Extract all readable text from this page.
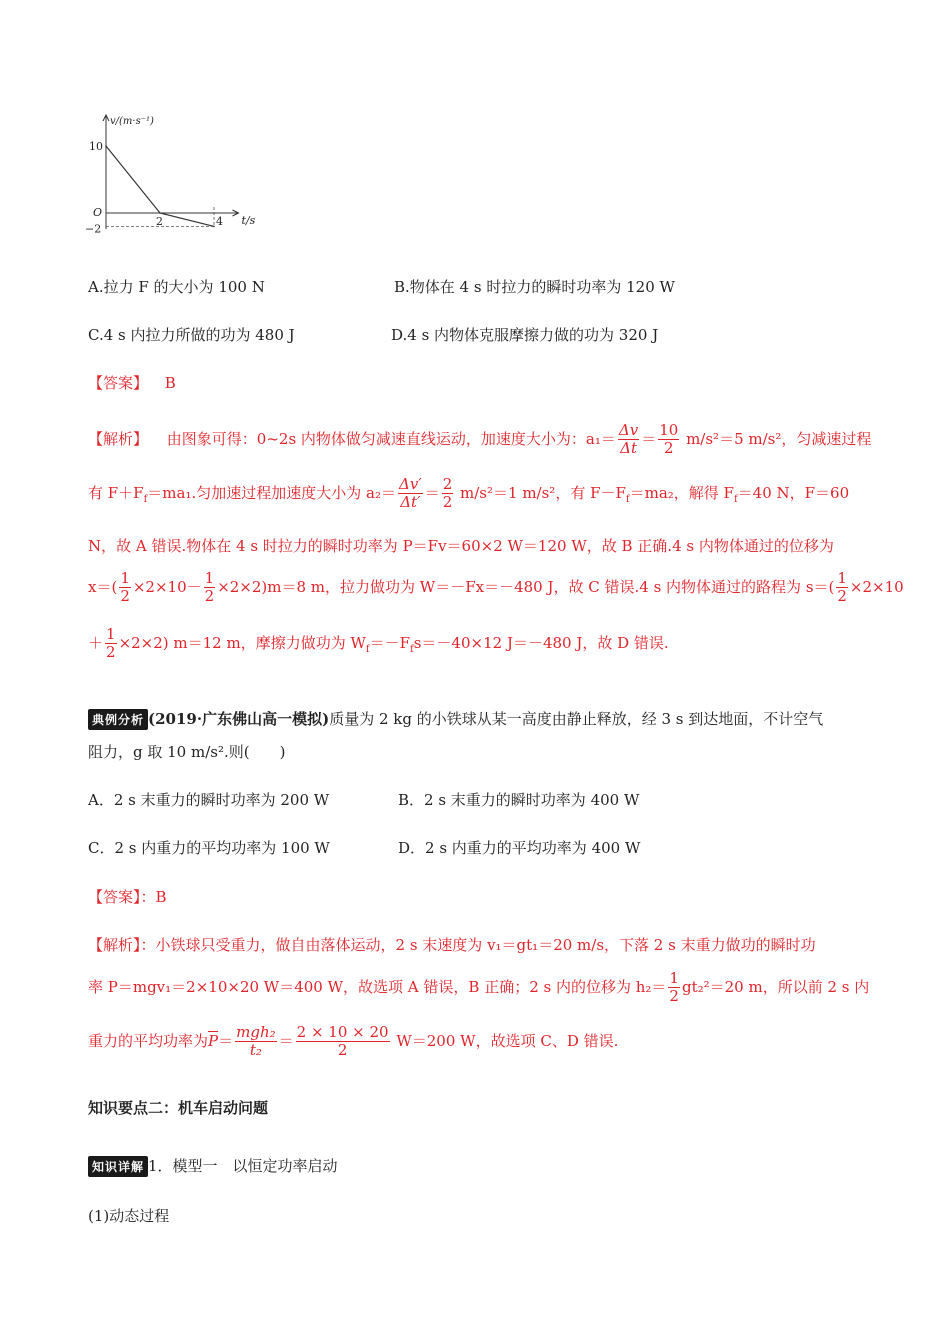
v/(m·s⁻¹)
t/s
O
10
−2
2	4
A.拉力 F 的大小为 100 N	B.物体在 4 s 时拉力的瞬时功率为 120 W
C.4 s 内拉力所做的功为 480 J	D.4 s 内物体克服摩擦力做的功为 320 J
【答案】 B
【解析】 由图象可得：0~2s 内物体做匀减速直线运动，加速度大小为：$a_1= \frac{\Delta v}{\Delta t} = \frac{10}{2} m/s^2=5$ m/s²，匀减速过程
有 $F+F_f=ma_1$.匀加速过程加速度大小为 $a_2= \frac{\Delta v'}{\Delta t'} = \frac{2}{2} m/s^2=1$ m/s²，有 $F-F_f=ma_2$，解得 $F_f=40$ N，F＝60
N，故 A 错误.物体在 4 s 时拉力的瞬时功率为 P＝Fv＝60×2 W＝120 W，故 B 正确.4 s 内物体通过的位移为
$x=( \frac{1}{2} \times 2\times 10- \frac{1}{2} \times 2\times 2)m=8$ m，拉力做功为 W＝－Fx＝－480 J，故 C 错误.4 s 内物体通过的路程为 $s=( \frac{1}{2} \times 2\times 10$
＋ $\frac{1}{2} \times 2\times 2$) m＝12 m，摩擦力做功为 $W_f=-F_fs=-40\times 12$ J＝－480 J，故 D 错误.
典例分析 (2019·广东佛山高一模拟)质量为 2 kg 的小铁球从某一高度由静止释放，经 3 s 到达地面，不计空气
阻力，g 取 10 m/s².则(　　)
A．2 s 末重力的瞬时功率为 200 W	B．2 s 末重力的瞬时功率为 400 W
C．2 s 内重力的平均功率为 100 W	D．2 s 内重力的平均功率为 400 W
【答案】：B
【解析】：小铁球只受重力，做自由落体运动，2 s 末速度为 v₁＝gt₁＝20 m/s，下落 2 s 末重力做功的瞬时功
率 P＝mgv₁＝2×10×20 W＝400 W，故选项 A 错误，B 正确；2 s 内的位移为 $h_2= \frac{1}{2} gt_2^2=20$ m，所以前 2 s 内
重力的平均功率为$\overline{P}= \frac{\text{mgh₂}}{\text{t₂}} = \frac{2 \times 10 \times 20}{2} W=200$ W，故选项 C、D 错误.
知识要点二：机车启动问题
知识详解 1．模型一　以恒定功率启动
(1)动态过程
